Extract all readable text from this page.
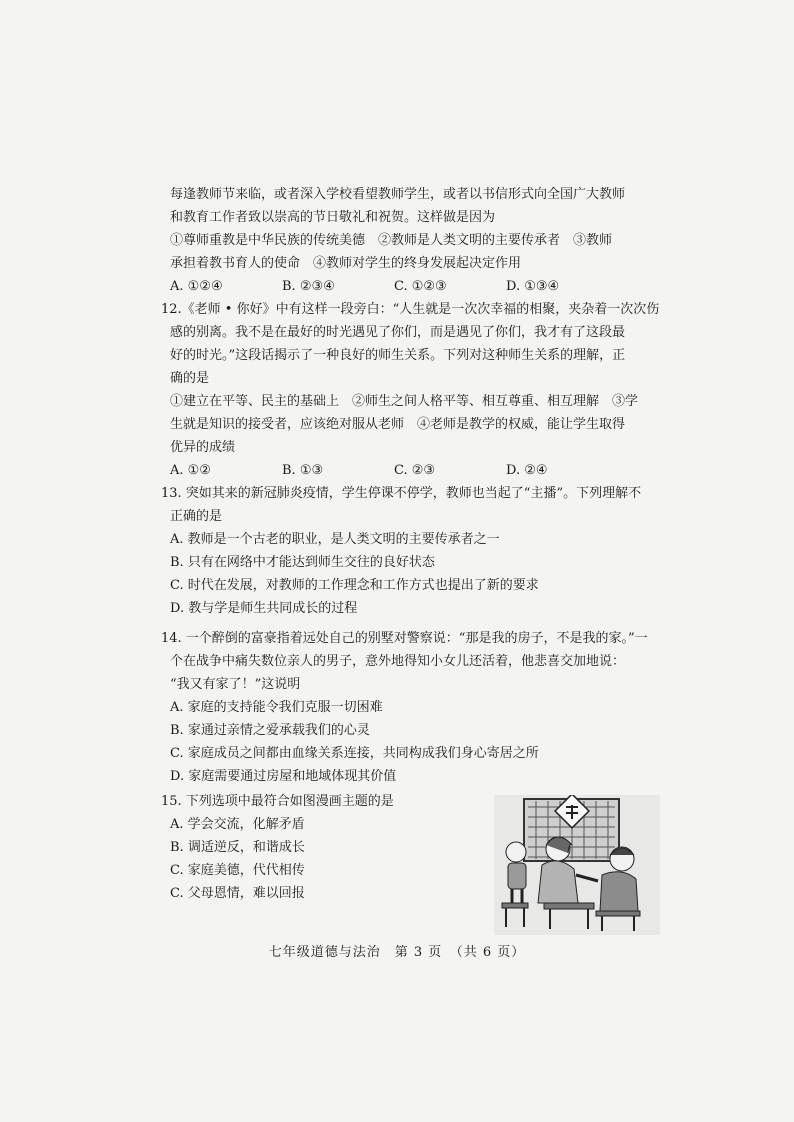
每逢教师节来临，或者深入学校看望教师学生，或者以书信形式向全国广大教师
和教育工作者致以崇高的节日敬礼和祝贺。这样做是因为
①尊师重教是中华民族的传统美德　②教师是人类文明的主要传承者　③教师
承担着教书育人的使命　④教师对学生的终身发展起决定作用
A. ①②④	B. ②③④	C. ①②③	D. ①③④
12.《老师 • 你好》中有这样一段旁白：“人生就是一次次幸福的相聚，夹杂着一次次伤
感的别离。我不是在最好的时光遇见了你们，而是遇见了你们，我才有了这段最
好的时光。”这段话揭示了一种良好的师生关系。下列对这种师生关系的理解，正
确的是
①建立在平等、民主的基础上　②师生之间人格平等、相互尊重、相互理解　③学
生就是知识的接受者，应该绝对服从老师　④老师是教学的权威，能让学生取得
优异的成绩
A. ①②	B. ①③	C. ②③	D. ②④
13. 突如其来的新冠肺炎疫情，学生停课不停学，教师也当起了“主播”。下列理解不
正确的是
A. 教师是一个古老的职业，是人类文明的主要传承者之一
B. 只有在网络中才能达到师生交往的良好状态
C. 时代在发展，对教师的工作理念和工作方式也提出了新的要求
D. 教与学是师生共同成长的过程
14. 一个醉倒的富豪指着远处自己的别墅对警察说：“那是我的房子，不是我的家。”一
个在战争中痛失数位亲人的男子，意外地得知小女儿还活着，他悲喜交加地说：
“我又有家了！”这说明
A. 家庭的支持能令我们克服一切困难
B. 家通过亲情之爱承载我们的心灵
C. 家庭成员之间都由血缘关系连接，共同构成我们身心寄居之所
D. 家庭需要通过房屋和地域体现其价值
15. 下列选项中最符合如图漫画主题的是
A. 学会交流，化解矛盾
B. 调适逆反，和谐成长
C. 家庭美德，代代相传
C. 父母恩情，难以回报
七年级道德与法治　第 3 页　（共 6 页）
